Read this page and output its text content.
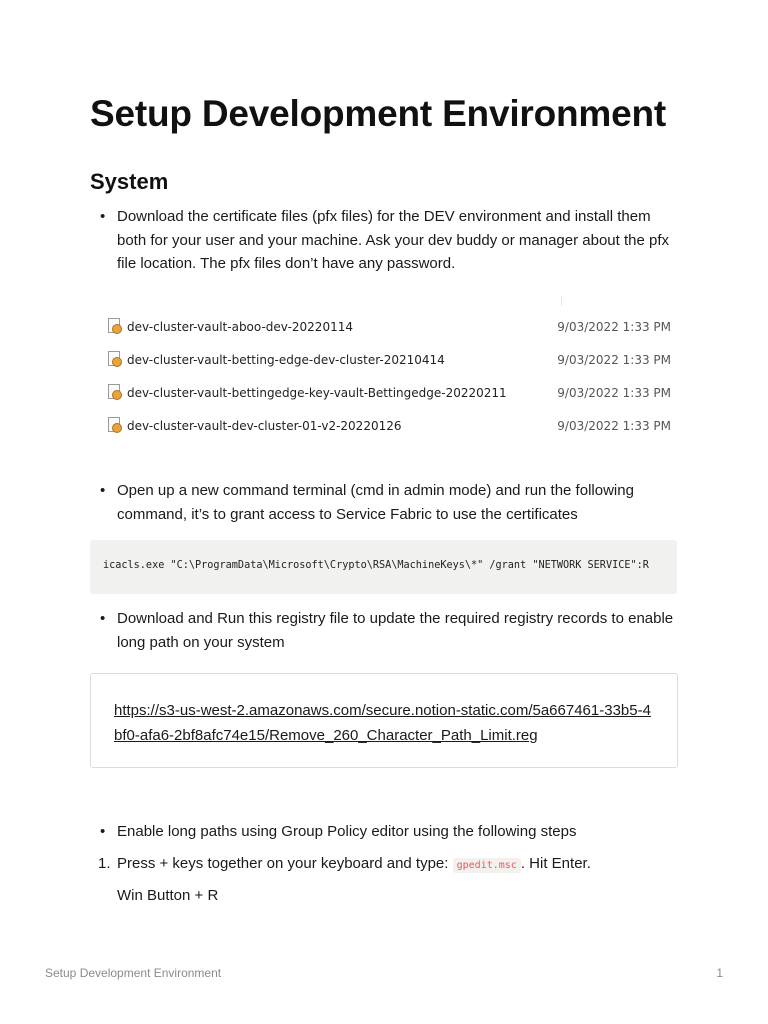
Setup Development Environment
System
• Download the certificate files (pfx files) for the DEV environment and install them both for your user and your machine. Ask your dev buddy or manager about the pfx file location. The pfx files don’t have any password.
dev-cluster-vault-aboo-dev-20220114	9/03/2022 1:33 PM
dev-cluster-vault-betting-edge-dev-cluster-20210414	9/03/2022 1:33 PM
dev-cluster-vault-bettingedge-key-vault-Bettingedge-20220211	9/03/2022 1:33 PM
dev-cluster-vault-dev-cluster-01-v2-20220126	9/03/2022 1:33 PM
• Open up a new command terminal (cmd in admin mode) and run the following command, it’s to grant access to Service Fabric to use the certificates
icacls.exe "C:\ProgramData\Microsoft\Crypto\RSA\MachineKeys\*" /grant "NETWORK SERVICE":R
• Download and Run this registry file to update the required registry records to enable long path on your system
https://s3-us-west-2.amazonaws.com/secure.notion-static.com/5a667461-33b5-4bf0-afa6-2bf8afc74e15/Remove_260_Character_Path_Limit.reg
• Enable long paths using Group Policy editor using the following steps
1. Press + keys together on your keyboard and type: gpedit.msc . Hit Enter.
Win Button + R
Setup Development Environment	1
